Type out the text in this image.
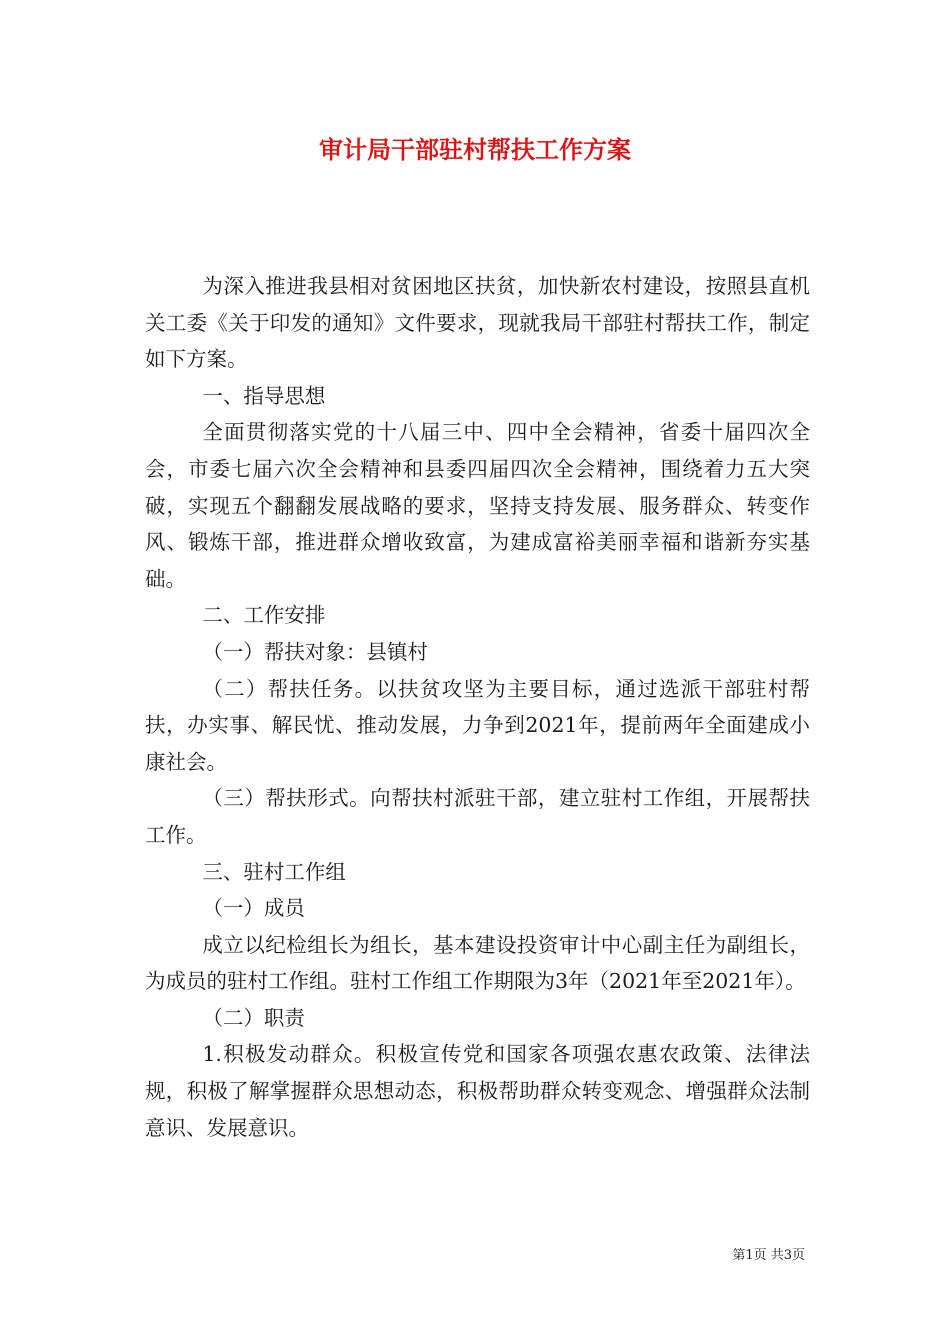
审计局干部驻村帮扶工作方案

为深入推进我县相对贫困地区扶贫，加快新农村建设，按照县直机关工委《关于印发的通知》文件要求，现就我局干部驻村帮扶工作，制定如下方案。

一、指导思想

全面贯彻落实党的十八届三中、四中全会精神，省委十届四次全会，市委七届六次全会精神和县委四届四次全会精神，围绕着力五大突破，实现五个翻翻发展战略的要求，坚持支持发展、服务群众、转变作风、锻炼干部，推进群众增收致富，为建成富裕美丽幸福和谐新夯实基础。

二、工作安排

（一）帮扶对象：县镇村

（二）帮扶任务。以扶贫攻坚为主要目标，通过选派干部驻村帮扶，办实事、解民忧、推动发展，力争到2021年，提前两年全面建成小康社会。

（三）帮扶形式。向帮扶村派驻干部，建立驻村工作组，开展帮扶工作。

三、驻村工作组

（一）成员

成立以纪检组长为组长，基本建设投资审计中心副主任为副组长，为成员的驻村工作组。驻村工作组工作期限为3年（2021年至2021年）。

（二）职责

1.积极发动群众。积极宣传党和国家各项强农惠农政策、法律法规，积极了解掌握群众思想动态，积极帮助群众转变观念、增强群众法制意识、发展意识。

第1页 共3页
